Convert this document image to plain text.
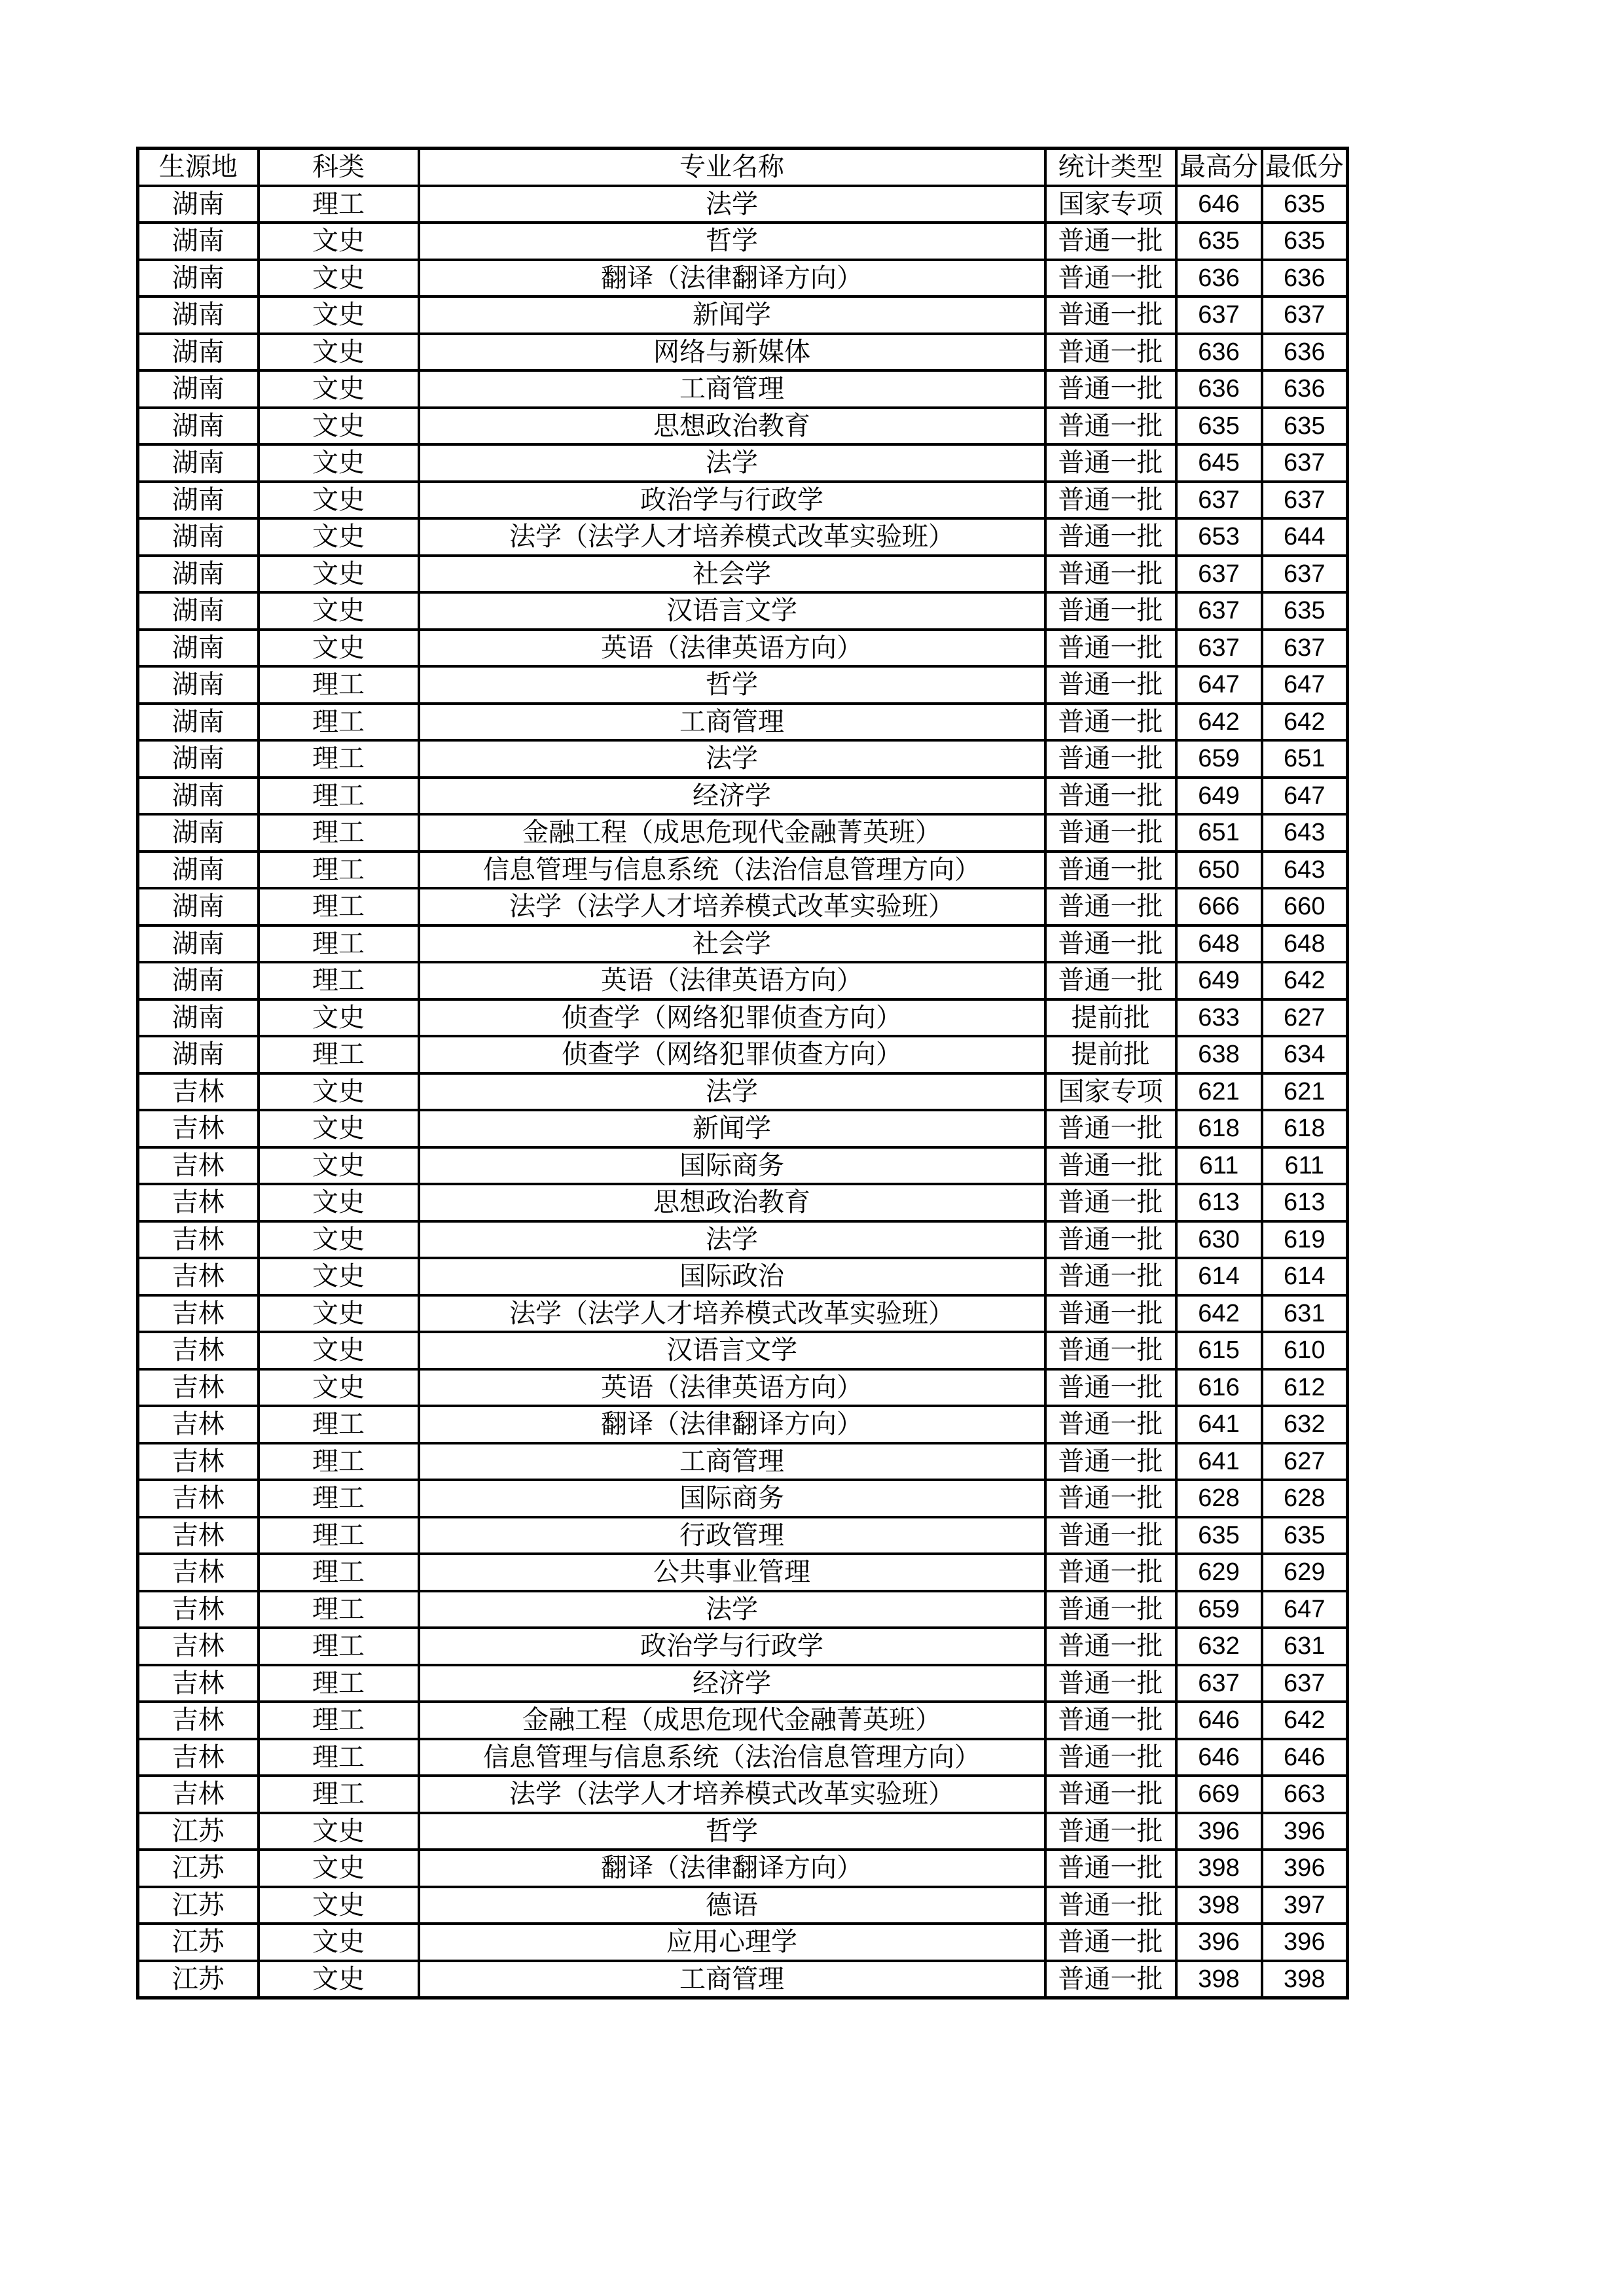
生源地	科类	专业名称	统计类型	最高分	最低分
湖南	理工	法学	国家专项	646	635
湖南	文史	哲学	普通一批	635	635
湖南	文史	翻译（法律翻译方向）	普通一批	636	636
湖南	文史	新闻学	普通一批	637	637
湖南	文史	网络与新媒体	普通一批	636	636
湖南	文史	工商管理	普通一批	636	636
湖南	文史	思想政治教育	普通一批	635	635
湖南	文史	法学	普通一批	645	637
湖南	文史	政治学与行政学	普通一批	637	637
湖南	文史	法学（法学人才培养模式改革实验班）	普通一批	653	644
湖南	文史	社会学	普通一批	637	637
湖南	文史	汉语言文学	普通一批	637	635
湖南	文史	英语（法律英语方向）	普通一批	637	637
湖南	理工	哲学	普通一批	647	647
湖南	理工	工商管理	普通一批	642	642
湖南	理工	法学	普通一批	659	651
湖南	理工	经济学	普通一批	649	647
湖南	理工	金融工程（成思危现代金融菁英班）	普通一批	651	643
湖南	理工	信息管理与信息系统（法治信息管理方向）	普通一批	650	643
湖南	理工	法学（法学人才培养模式改革实验班）	普通一批	666	660
湖南	理工	社会学	普通一批	648	648
湖南	理工	英语（法律英语方向）	普通一批	649	642
湖南	文史	侦查学（网络犯罪侦查方向）	提前批	633	627
湖南	理工	侦查学（网络犯罪侦查方向）	提前批	638	634
吉林	文史	法学	国家专项	621	621
吉林	文史	新闻学	普通一批	618	618
吉林	文史	国际商务	普通一批	611	611
吉林	文史	思想政治教育	普通一批	613	613
吉林	文史	法学	普通一批	630	619
吉林	文史	国际政治	普通一批	614	614
吉林	文史	法学（法学人才培养模式改革实验班）	普通一批	642	631
吉林	文史	汉语言文学	普通一批	615	610
吉林	文史	英语（法律英语方向）	普通一批	616	612
吉林	理工	翻译（法律翻译方向）	普通一批	641	632
吉林	理工	工商管理	普通一批	641	627
吉林	理工	国际商务	普通一批	628	628
吉林	理工	行政管理	普通一批	635	635
吉林	理工	公共事业管理	普通一批	629	629
吉林	理工	法学	普通一批	659	647
吉林	理工	政治学与行政学	普通一批	632	631
吉林	理工	经济学	普通一批	637	637
吉林	理工	金融工程（成思危现代金融菁英班）	普通一批	646	642
吉林	理工	信息管理与信息系统（法治信息管理方向）	普通一批	646	646
吉林	理工	法学（法学人才培养模式改革实验班）	普通一批	669	663
江苏	文史	哲学	普通一批	396	396
江苏	文史	翻译（法律翻译方向）	普通一批	398	396
江苏	文史	德语	普通一批	398	397
江苏	文史	应用心理学	普通一批	396	396
江苏	文史	工商管理	普通一批	398	398
